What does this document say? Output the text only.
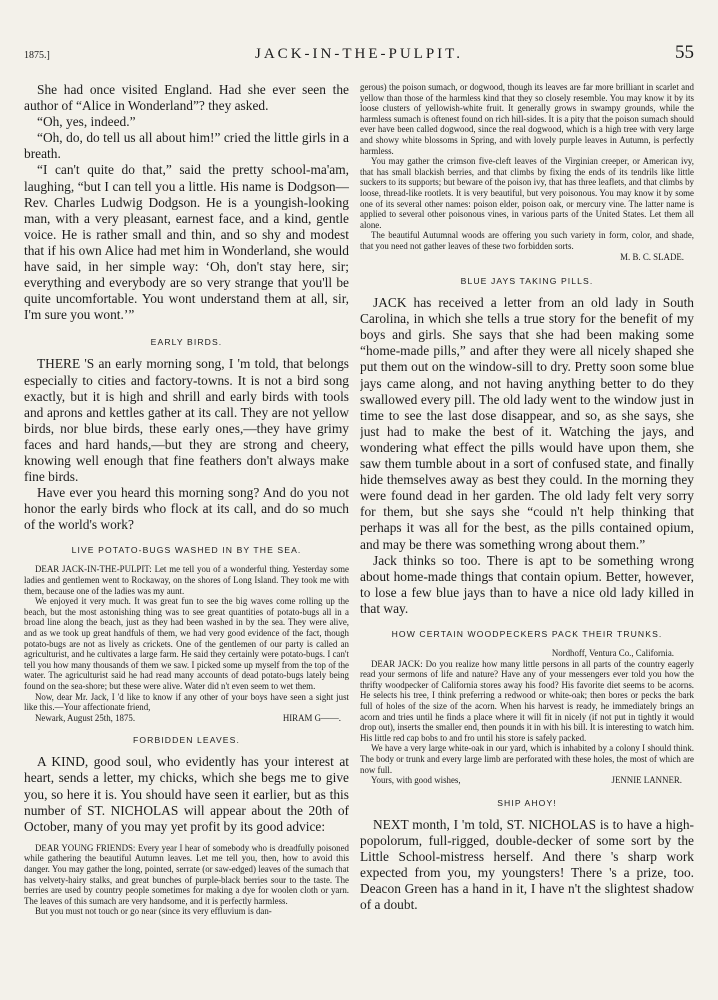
1875.]	JACK-IN-THE-PULPIT.	55

She had once visited England. Had she ever seen the author of “Alice in Wonderland”? they asked.

“Oh, yes, indeed.”

“Oh, do, do tell us all about him!” cried the little girls in a breath.

“I can't quite do that,” said the pretty school-ma'am, laughing, “but I can tell you a little. His name is Dodgson—Rev. Charles Ludwig Dodgson. He is a youngish-looking man, with a very pleasant, earnest face, and a kind, gentle voice. He is rather small and thin, and so shy and modest that if his own Alice had met him in Wonderland, she would have said, in her simple way: ‘Oh, don't stay here, sir; everything and everybody are so very strange that you'll be quite uncomfortable. You wont understand them at all, sir, I'm sure you wont.’”

EARLY BIRDS.

THERE 'S an early morning song, I 'm told, that belongs especially to cities and factory-towns. It is not a bird song exactly, but it is high and shrill and early birds with tools and aprons and kettles gather at its call. They are not yellow birds, nor blue birds, these early ones,—they have grimy faces and hard hands,—but they are strong and cheery, knowing well enough that fine feathers don't always make fine birds.

Have ever you heard this morning song? And do you not honor the early birds who flock at its call, and do so much of the world's work?

LIVE POTATO-BUGS WASHED IN BY THE SEA.

DEAR JACK-IN-THE-PULPIT: Let me tell you of a wonderful thing. Yesterday some ladies and gentlemen went to Rockaway, on the shores of Long Island. They took me with them, because one of the ladies was my aunt.

We enjoyed it very much. It was great fun to see the big waves come rolling up the beach, but the most astonishing thing was to see great quantities of potato-bugs all in a broad line along the beach, just as they had been washed in by the sea. They were alive, and as we took up great handfuls of them, we had very good evidence of the fact, though potato-bugs are not as lively as crickets. One of the gentlemen of our party is called an agriculturist, and he cultivates a large farm. He said they certainly were potato-bugs. I can't tell you how many thousands of them we saw. I picked some up myself from the top of the water. The agriculturist said he had read many accounts of dead potato-bugs lately being found on the sea-shore; but these were alive. Water did n't even seem to wet them.

Now, dear Mr. Jack, I 'd like to know if any other of your boys have seen a sight just like this.—Your affectionate friend,

Newark, August 25th, 1875.	HIRAM G——.
FORBIDDEN LEAVES.

A KIND, good soul, who evidently has your interest at heart, sends a letter, my chicks, which she begs me to give you, so here it is. You should have seen it earlier, but as this number of ST. NICHOLAS will appear about the 20th of October, many of you may yet profit by its good advice:

DEAR YOUNG FRIENDS: Every year I hear of somebody who is dreadfully poisoned while gathering the beautiful Autumn leaves. Let me tell you, then, how to avoid this danger. You may gather the long, pointed, serrate (or saw-edged) leaves of the sumach that has velvety-hairy stalks, and great bunches of purple-black berries sour to the taste. The berries are used by country people sometimes for making a dye for woolen cloth or yarn. The leaves of this sumach are very handsome, and it is perfectly harmless.

But you must not touch or go near (since its very effluvium is dan-

gerous) the poison sumach, or dogwood, though its leaves are far more brilliant in scarlet and yellow than those of the harmless kind that they so closely resemble. You may know it by its loose clusters of yellowish-white fruit. It generally grows in swampy grounds, while the harmless sumach is oftenest found on rich hill-sides. It is a pity that the poison sumach should ever have been called dogwood, since the real dogwood, which is a high tree with very large and showy white blossoms in Spring, and with lovely purple leaves in Autumn, is perfectly harmless.

You may gather the crimson five-cleft leaves of the Virginian creeper, or American ivy, that has small blackish berries, and that climbs by fixing the ends of its tendrils like little suckers to its supports; but beware of the poison ivy, that has three leaflets, and that climbs by loose, thread-like rootlets. It is very beautiful, but very poisonous. You may know it by some one of its several other names: poison elder, poison oak, or mercury vine. The latter name is applied to several other poisonous vines, in various parts of the United States. Let them all alone.

The beautiful Autumnal woods are offering you such variety in form, color, and shade, that you need not gather leaves of these two forbidden sorts.

M. B. C. SLADE.
BLUE JAYS TAKING PILLS.

JACK has received a letter from an old lady in South Carolina, in which she tells a true story for the benefit of my boys and girls. She says that she had been making some “home-made pills,” and after they were all nicely shaped she put them out on the window-sill to dry. Pretty soon some blue jays came along, and not having anything better to do they swallowed every pill. The old lady went to the window just in time to see the last dose disappear, and so, as she says, she just had to make the best of it. Watching the jays, and wondering what effect the pills would have upon them, she saw them tumble about in a sort of confused state, and finally hide themselves away as best they could. In the morning they were found dead in her garden. The old lady felt very sorry for them, but she says she “could n't help thinking that perhaps it was all for the best, as the pills contained opium, and may be there was something wrong about them.”

Jack thinks so too. There is apt to be something wrong about home-made things that contain opium. Better, however, to lose a few blue jays than to have a nice old lady killed in that way.

HOW CERTAIN WOODPECKERS PACK THEIR TRUNKS.
Nordhoff, Ventura Co., California.

DEAR JACK: Do you realize how many little persons in all parts of the country eagerly read your sermons of life and nature? Have any of your messengers ever told you how the thrifty woodpecker of California stores away his food? His favorite diet seems to be acorns. He selects his tree, I think preferring a redwood or white-oak; then bores or pecks the bark full of holes of the size of the acorn. When his harvest is ready, he immediately brings an acorn and tries until he finds a place where it will fit in nicely (if not put in tightly it would drop out), inserts the smaller end, then pounds it in with his bill. It is interesting to watch him. His little red cap bobs to and fro until his store is safely packed.

We have a very large white-oak in our yard, which is inhabited by a colony I should think. The body or trunk and every large limb are perforated with these holes, the most of which are now full.

Yours, with good wishes,	JENNIE LANNER.
SHIP AHOY!

NEXT month, I 'm told, ST. NICHOLAS is to have a high-popolorum, full-rigged, double-decker of some sort by the Little School-mistress herself. And there 's sharp work expected from you, my youngsters! There 's a prize, too. Deacon Green has a hand in it, I have n't the slightest shadow of a doubt.
